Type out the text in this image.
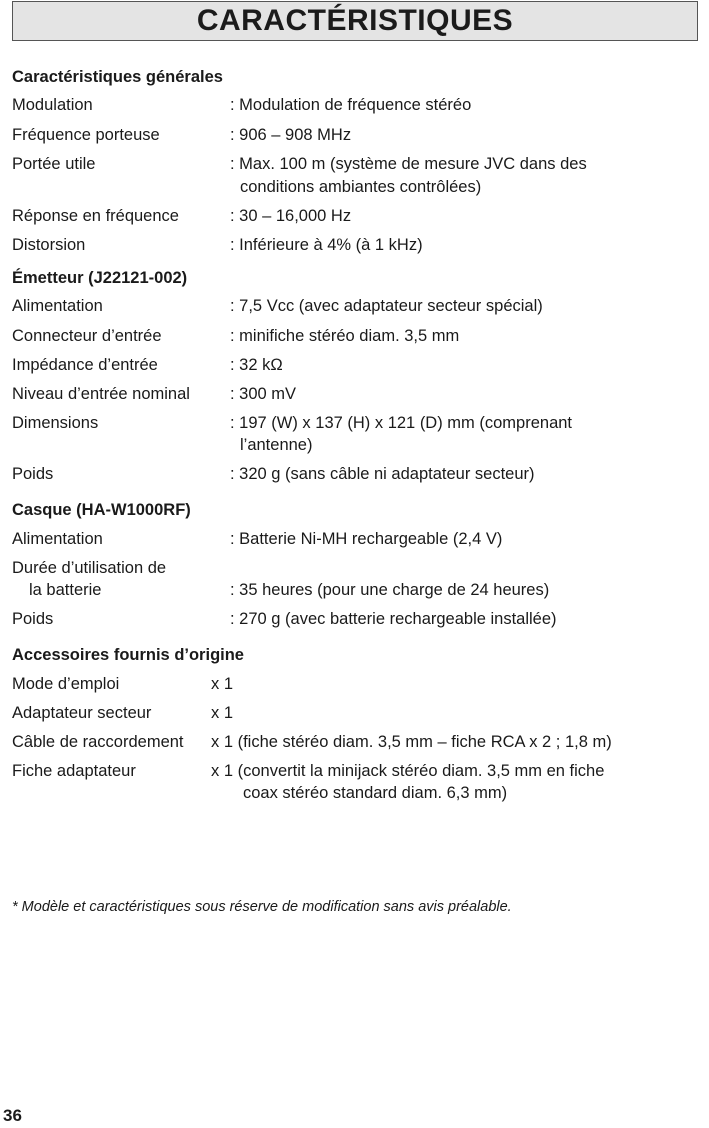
CARACTÉRISTIQUES
Caractéristiques générales
Modulation	: Modulation de fréquence stéréo
Fréquence porteuse	: 906 – 908 MHz
Portée utile	: Max. 100 m (système de mesure JVC dans des
conditions ambiantes contrôlées)
Réponse en fréquence	: 30 – 16,000 Hz
Distorsion	: Inférieure à 4% (à 1 kHz)
Émetteur (J22121-002)
Alimentation	: 7,5 Vcc (avec adaptateur secteur spécial)
Connecteur d’entrée	: minifiche stéréo diam. 3,5 mm
Impédance d’entrée	: 32 kΩ
Niveau d’entrée nominal : 300 mV
Dimensions	: 197 (W) x 137 (H) x 121 (D) mm (comprenant
l’antenne)
Poids	: 320 g (sans câble ni adaptateur secteur)
Casque (HA-W1000RF)
Alimentation	: Batterie Ni-MH rechargeable (2,4 V)
Durée d’utilisation de
la batterie	: 35 heures (pour une charge de 24 heures)
Poids	: 270 g (avec batterie rechargeable installée)
Accessoires fournis d’origine
Mode d’emploi	x 1
Adaptateur secteur	x 1
Câble de raccordement x 1 (fiche stéréo diam. 3,5 mm – fiche RCA x 2 ; 1,8 m)
Fiche adaptateur	x 1 (convertit la minijack stéréo diam. 3,5 mm en fiche
coax stéréo standard diam. 6,3 mm)
* Modèle et caractéristiques sous réserve de modification sans avis préalable.
36
